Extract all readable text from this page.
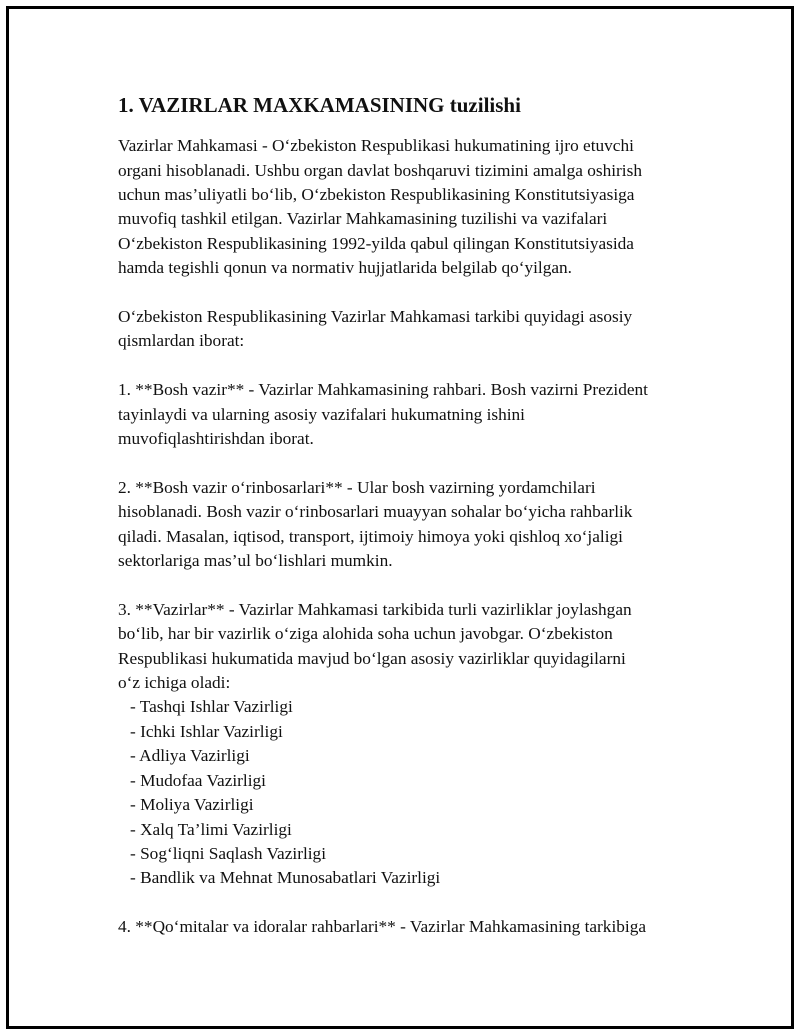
1. VAZIRLAR MAXKAMASINING tuzilishi

Vazirlar Mahkamasi - O‘zbekiston Respublikasi hukumatining ijro etuvchi
organi hisoblanadi. Ushbu organ davlat boshqaruvi tizimini amalga oshirish
uchun mas’uliyatli bo‘lib, O‘zbekiston Respublikasining Konstitutsiyasiga
muvofiq tashkil etilgan. Vazirlar Mahkamasining tuzilishi va vazifalari
O‘zbekiston Respublikasining 1992-yilda qabul qilingan Konstitutsiyasida
hamda tegishli qonun va normativ hujjatlarida belgilab qo‘yilgan.

O‘zbekiston Respublikasining Vazirlar Mahkamasi tarkibi quyidagi asosiy
qismlardan iborat:

1. **Bosh vazir** - Vazirlar Mahkamasining rahbari. Bosh vazirni Prezident
tayinlaydi va ularning asosiy vazifalari hukumatning ishini
muvofiqlashtirishdan iborat.

2. **Bosh vazir o‘rinbosarlari** - Ular bosh vazirning yordamchilari
hisoblanadi. Bosh vazir o‘rinbosarlari muayyan sohalar bo‘yicha rahbarlik
qiladi. Masalan, iqtisod, transport, ijtimoiy himoya yoki qishloq xo‘jaligi
sektorlariga mas’ul bo‘lishlari mumkin.

3. **Vazirlar** - Vazirlar Mahkamasi tarkibida turli vazirliklar joylashgan
bo‘lib, har bir vazirlik o‘ziga alohida soha uchun javobgar. O‘zbekiston
Respublikasi hukumatida mavjud bo‘lgan asosiy vazirliklar quyidagilarni
o‘z ichiga oladi:

- Tashqi Ishlar Vazirligi
- Ichki Ishlar Vazirligi
- Adliya Vazirligi
- Mudofaa Vazirligi
- Moliya Vazirligi
- Xalq Ta’limi Vazirligi
- Sog‘liqni Saqlash Vazirligi
- Bandlik va Mehnat Munosabatlari Vazirligi

4. **Qo‘mitalar va idoralar rahbarlari** - Vazirlar Mahkamasining tarkibiga
